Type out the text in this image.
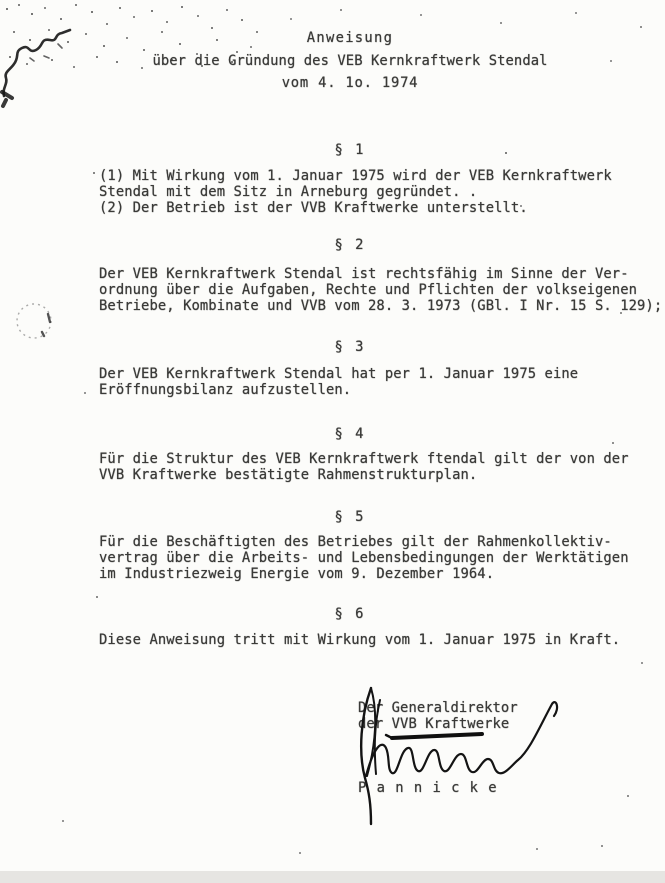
Anweisung
über die Gründung des VEB Kernkraftwerk Stendal
vom 4. 1o. 1974
§ 1
(1) Mit Wirkung vom 1. Januar 1975 wird der VEB Kernkraftwerk
Stendal mit dem Sitz in Arneburg gegründet. .
(2) Der Betrieb ist der VVB Kraftwerke unterstellt.
§ 2
Der VEB Kernkraftwerk Stendal ist rechtsfähig im Sinne der Ver-
ordnung über die Aufgaben, Rechte und Pflichten der volkseigenen
Betriebe, Kombinate und VVB vom 28. 3. 1973 (GBl. I Nr. 15 S. 129);
§ 3
Der VEB Kernkraftwerk Stendal hat per 1. Januar 1975 eine
Eröffnungsbilanz aufzustellen.
§ 4
Für die Struktur des VEB Kernkraftwerk ftendal gilt der von der
VVB Kraftwerke bestätigte Rahmenstrukturplan.
§ 5
Für die Beschäftigten des Betriebes gilt der Rahmenkollektiv-
vertrag über die Arbeits- und Lebensbedingungen der Werktätigen
im Industriezweig Energie vom 9. Dezember 1964.
§ 6
Diese Anweisung tritt mit Wirkung vom 1. Januar 1975 in Kraft.
Der Generaldirektor
der VVB Kraftwerke
P a n n i c k e
